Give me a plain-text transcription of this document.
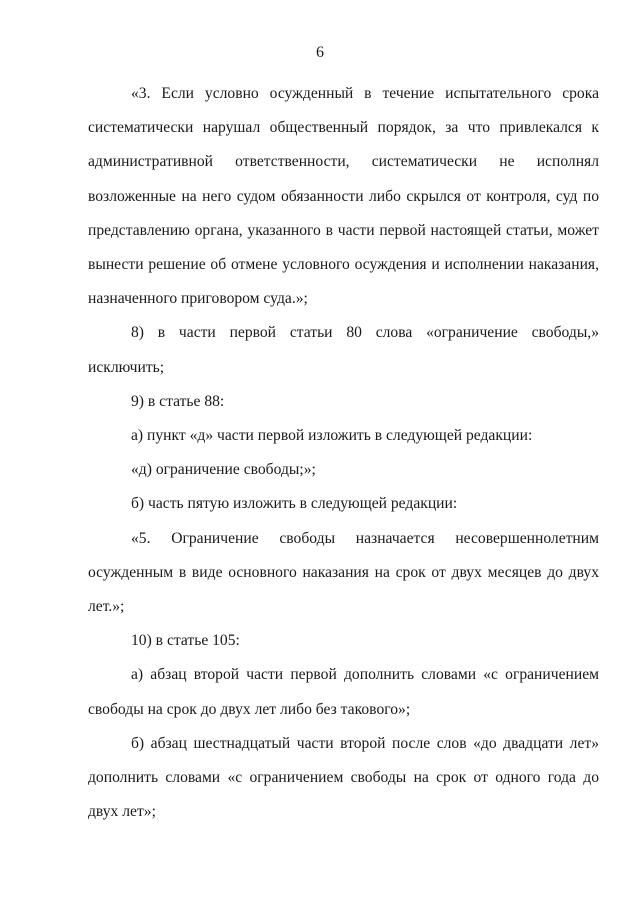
6

«3. Если условно осужденный в течение испытательного срока систематически нарушал общественный порядок, за что привлекался к административной ответственности, систематически не исполнял возложенные на него судом обязанности либо скрылся от контроля, суд по представлению органа, указанного в части первой настоящей статьи, может вынести решение об отмене условного осуждения и исполнении наказания, назначенного приговором суда.»;

8) в части первой статьи 80 слова «ограничение свободы,» исключить;

9) в статье 88:

а) пункт «д» части первой изложить в следующей редакции:

«д) ограничение свободы;»;

б) часть пятую изложить в следующей редакции:

«5. Ограничение свободы назначается несовершеннолетним осужденным в виде основного наказания на срок от двух месяцев до двух лет.»;

10) в статье 105:

а) абзац второй части первой дополнить словами «с ограничением свободы на срок до двух лет либо без такового»;

б) абзац шестнадцатый части второй после слов «до двадцати лет» дополнить словами «с ограничением свободы на срок от одного года до двух лет»;
